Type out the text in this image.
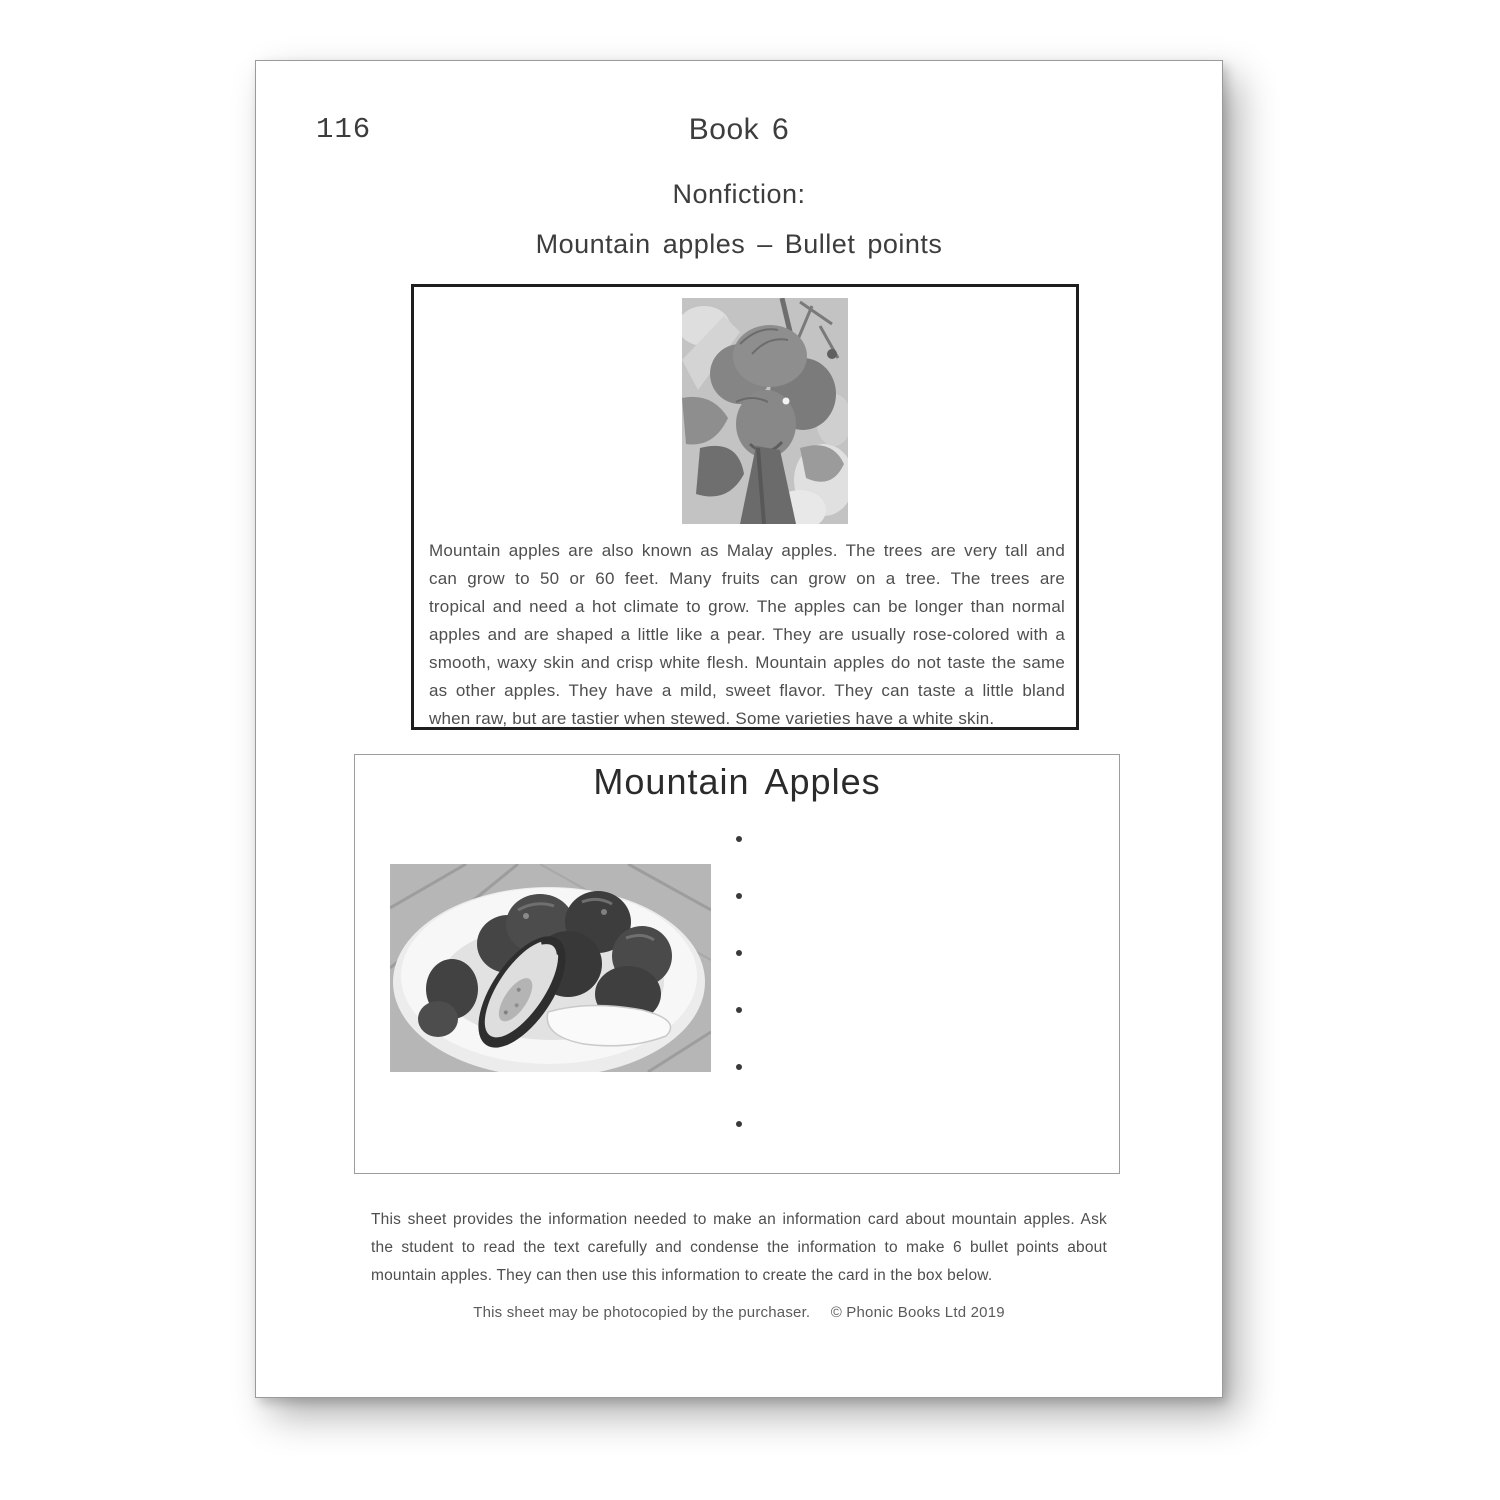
116	Book 6
Nonfiction:
Mountain apples – Bullet points
Mountain apples are also known as Malay apples. The trees are very tall and
can grow to 50 or 60 feet. Many fruits can grow on a tree. The trees are
tropical and need a hot climate to grow. The apples can be longer than normal
apples and are shaped a little like a pear. They are usually rose-colored with a
smooth, waxy skin and crisp white flesh. Mountain apples do not taste the same
as other apples. They have a mild, sweet flavor. They can taste a little bland
when raw, but are tastier when stewed. Some varieties have a white skin.
Mountain Apples
This sheet provides the information needed to make an information card about mountain apples. Ask
the student to read the text carefully and condense the information to make 6 bullet points about
mountain apples. They can then use this information to create the card in the box below.
This sheet may be photocopied by the purchaser. © Phonic Books Ltd 2019
